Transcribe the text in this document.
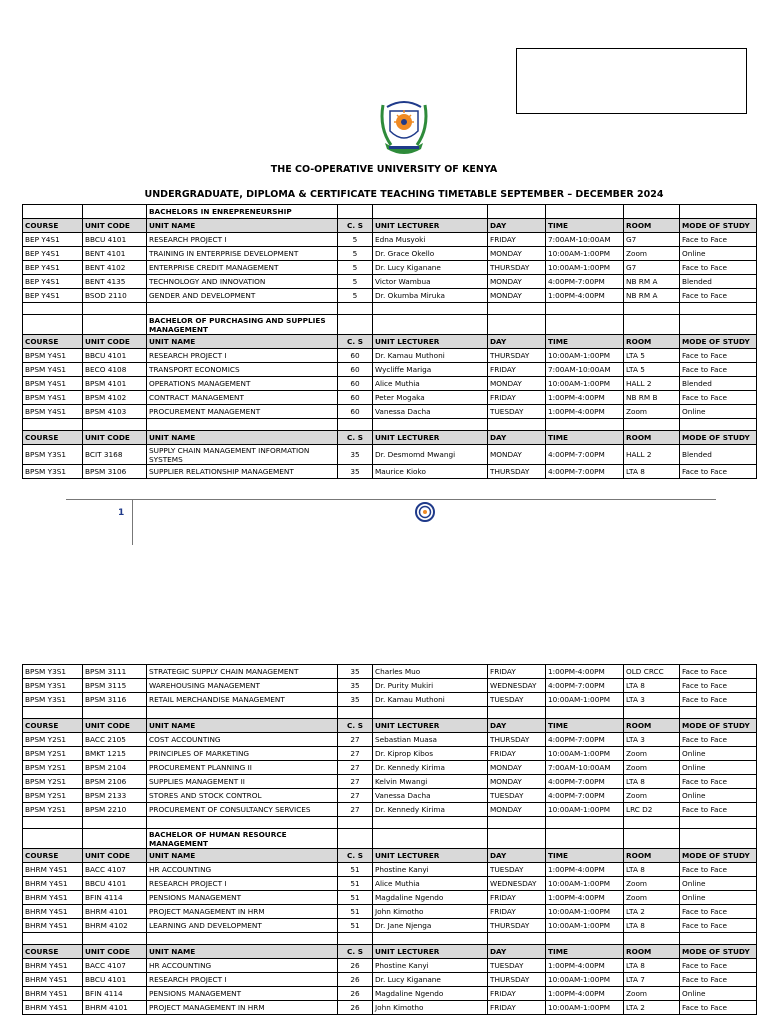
THE CO-OPERATIVE UNIVERSITY OF KENYA
UNDERGRADUATE, DIPLOMA & CERTIFICATE TEACHING TIMETABLE SEPTEMBER – DECEMBER 2024
		BACHELORS IN ENREPRENEURSHIP						
COURSE	UNIT CODE	UNIT NAME	C. S	UNIT LECTURER	DAY	TIME	ROOM	MODE OF STUDY
BEP Y4S1	BBCU 4101	RESEARCH PROJECT I	5	Edna Musyoki	FRIDAY	7:00AM-10:00AM	G7	Face to Face
BEP Y4S1	BENT 4101	TRAINING IN ENTERPRISE DEVELOPMENT	5	Dr. Grace Okello	MONDAY	10:00AM-1:00PM	Zoom	Online
BEP Y4S1	BENT 4102	ENTERPRISE CREDIT MANAGEMENT	5	Dr. Lucy Kiganane	THURSDAY	10:00AM-1:00PM	G7	Face to Face
BEP Y4S1	BENT 4135	TECHNOLOGY AND INNOVATION	5	Victor Wambua	MONDAY	4:00PM-7:00PM	NB RM A	Blended
BEP Y4S1	BSOD 2110	GENDER AND DEVELOPMENT	5	Dr. Okumba Miruka	MONDAY	1:00PM-4:00PM	NB RM A	Face to Face

		BACHELOR OF PURCHASING AND SUPPLIES MANAGEMENT						
COURSE	UNIT CODE	UNIT NAME	C. S	UNIT LECTURER	DAY	TIME	ROOM	MODE OF STUDY
BPSM Y4S1	BBCU 4101	RESEARCH PROJECT I	60	Dr. Kamau Muthoni	THURSDAY	10:00AM-1:00PM	LTA 5	Face to Face
BPSM Y4S1	BECO 4108	TRANSPORT ECONOMICS	60	Wycliffe Mariga	FRIDAY	7:00AM-10:00AM	LTA 5	Face to Face
BPSM Y4S1	BPSM 4101	OPERATIONS MANAGEMENT	60	Alice Muthia	MONDAY	10:00AM-1:00PM	HALL 2	Blended
BPSM Y4S1	BPSM 4102	CONTRACT MANAGEMENT	60	Peter Mogaka	FRIDAY	1:00PM-4:00PM	NB RM B	Face to Face
BPSM Y4S1	BPSM 4103	PROCUREMENT MANAGEMENT	60	Vanessa Dacha	TUESDAY	1:00PM-4:00PM	Zoom	Online

COURSE	UNIT CODE	UNIT NAME	C. S	UNIT LECTURER	DAY	TIME	ROOM	MODE OF STUDY
BPSM Y3S1	BCIT 3168	SUPPLY CHAIN MANAGEMENT INFORMATION SYSTEMS	35	Dr. Desmomd Mwangi	MONDAY	4:00PM-7:00PM	HALL 2	Blended
BPSM Y3S1	BPSM 3106	SUPPLIER RELATIONSHIP MANAGEMENT	35	Maurice Kioko	THURSDAY	4:00PM-7:00PM	LTA 8	Face to Face
1
BPSM Y3S1	BPSM 3111	STRATEGIC SUPPLY CHAIN MANAGEMENT	35	Charles Muo	FRIDAY	1:00PM-4:00PM	OLD CRCC	Face to Face
BPSM Y3S1	BPSM 3115	WAREHOUSING MANAGEMENT	35	Dr. Purity Mukiri	WEDNESDAY	4:00PM-7:00PM	LTA 8	Face to Face
BPSM Y3S1	BPSM 3116	RETAIL MERCHANDISE MANAGEMENT	35	Dr. Kamau Muthoni	TUESDAY	10:00AM-1:00PM	LTA 3	Face to Face

COURSE	UNIT CODE	UNIT NAME	C. S	UNIT LECTURER	DAY	TIME	ROOM	MODE OF STUDY
BPSM Y2S1	BACC 2105	COST ACCOUNTING	27	Sebastian Muasa	THURSDAY	4:00PM-7:00PM	LTA 3	Face to Face
BPSM Y2S1	BMKT 1215	PRINCIPLES OF MARKETING	27	Dr. Kiprop Kibos	FRIDAY	10:00AM-1:00PM	Zoom	Online
BPSM Y2S1	BPSM 2104	PROCUREMENT PLANNING II	27	Dr. Kennedy Kirima	MONDAY	7:00AM-10:00AM	Zoom	Online
BPSM Y2S1	BPSM 2106	SUPPLIES MANAGEMENT II	27	Kelvin Mwangi	MONDAY	4:00PM-7:00PM	LTA 8	Face to Face
BPSM Y2S1	BPSM 2133	STORES AND STOCK CONTROL	27	Vanessa Dacha	TUESDAY	4:00PM-7:00PM	Zoom	Online
BPSM Y2S1	BPSM 2210	PROCUREMENT OF CONSULTANCY SERVICES	27	Dr. Kennedy Kirima	MONDAY	10:00AM-1:00PM	LRC D2	Face to Face

		BACHELOR OF HUMAN RESOURCE MANAGEMENT						
COURSE	UNIT CODE	UNIT NAME	C. S	UNIT LECTURER	DAY	TIME	ROOM	MODE OF STUDY
BHRM Y4S1	BACC 4107	HR ACCOUNTING	51	Phostine Kanyi	TUESDAY	1:00PM-4:00PM	LTA 8	Face to Face
BHRM Y4S1	BBCU 4101	RESEARCH PROJECT I	51	Alice Muthia	WEDNESDAY	10:00AM-1:00PM	Zoom	Online
BHRM Y4S1	BFIN 4114	PENSIONS MANAGEMENT	51	Magdaline Ngendo	FRIDAY	1:00PM-4:00PM	Zoom	Online
BHRM Y4S1	BHRM 4101	PROJECT MANAGEMENT IN HRM	51	John Kimotho	FRIDAY	10:00AM-1:00PM	LTA 2	Face to Face
BHRM Y4S1	BHRM 4102	LEARNING AND DEVELOPMENT	51	Dr. Jane Njenga	THURSDAY	10:00AM-1:00PM	LTA 8	Face to Face

COURSE	UNIT CODE	UNIT NAME	C. S	UNIT LECTURER	DAY	TIME	ROOM	MODE OF STUDY
BHRM Y4S1	BACC 4107	HR ACCOUNTING	26	Phostine Kanyi	TUESDAY	1:00PM-4:00PM	LTA 8	Face to Face
BHRM Y4S1	BBCU 4101	RESEARCH PROJECT I	26	Dr. Lucy Kiganane	THURSDAY	10:00AM-1:00PM	LTA 7	Face to Face
BHRM Y4S1	BFIN 4114	PENSIONS MANAGEMENT	26	Magdaline Ngendo	FRIDAY	1:00PM-4:00PM	Zoom	Online
BHRM Y4S1	BHRM 4101	PROJECT MANAGEMENT IN HRM	26	John Kimotho	FRIDAY	10:00AM-1:00PM	LTA 2	Face to Face
